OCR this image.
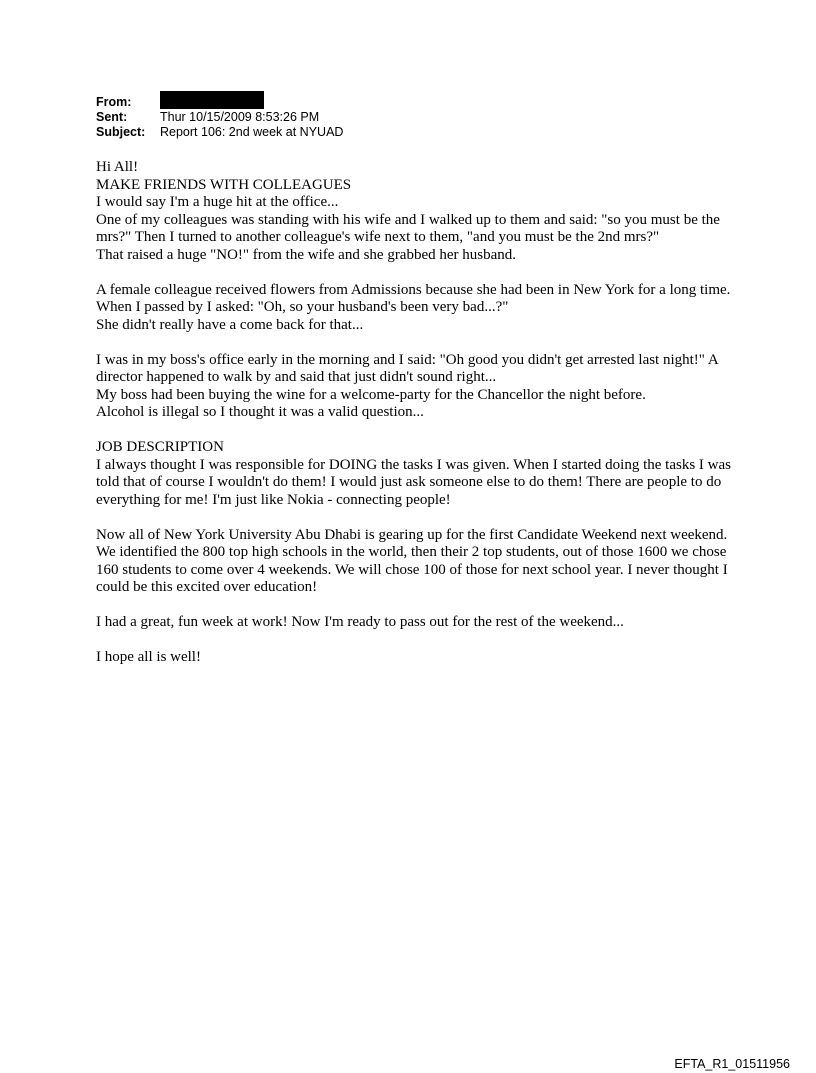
From:
Sent:	Thur 10/15/2009 8:53:26 PM
Subject:	Report 106: 2nd week at NYUAD

Hi All!

MAKE FRIENDS WITH COLLEAGUES

I would say I'm a huge hit at the office...

One of my colleagues was standing with his wife and I walked up to them and said: "so you must be the mrs?" Then I turned to another colleague's wife next to them, "and you must be the 2nd mrs?"

That raised a huge "NO!" from the wife and she grabbed her husband.

A female colleague received flowers from Admissions because she had been in New York for a long time. When I passed by I asked: "Oh, so your husband's been very bad...?"

She didn't really have a come back for that...

I was in my boss's office early in the morning and I said: "Oh good you didn't get arrested last night!" A director happened to walk by and said that just didn't sound right...

My boss had been buying the wine for a welcome-party for the Chancellor the night before.

Alcohol is illegal so I thought it was a valid question...

JOB DESCRIPTION

I always thought I was responsible for DOING the tasks I was given. When I started doing the tasks I was told that of course I wouldn't do them! I would just ask someone else to do them! There are people to do everything for me! I'm just like Nokia - connecting people!

Now all of New York University Abu Dhabi is gearing up for the first Candidate Weekend next weekend. We identified the 800 top high schools in the world, then their 2 top students, out of those 1600 we chose 160 students to come over 4 weekends. We will chose 100 of those for next school year. I never thought I could be this excited over education!

I had a great, fun week at work! Now I'm ready to pass out for the rest of the weekend...

I hope all is well!

EFTA_R1_01511956
